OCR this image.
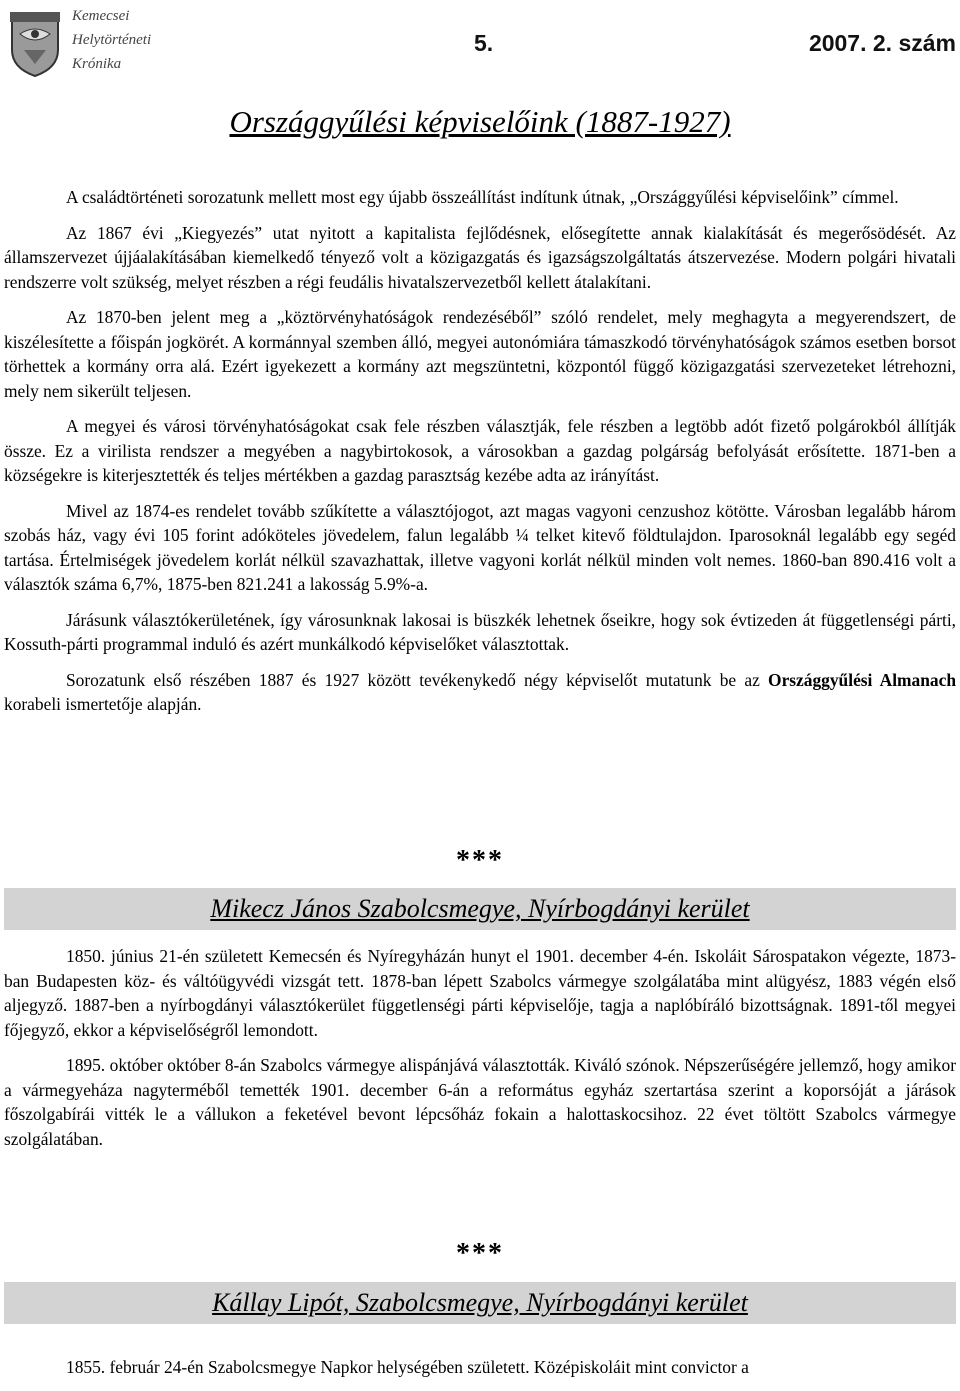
Kemecsei
Helytörténeti
Krónika
5.	2007. 2. szám
Országgyűlési képviselőink (1887-1927)

A családtörténeti sorozatunk mellett most egy újabb összeállítást indítunk útnak, „Országgyűlési képviselőink” címmel.

Az 1867 évi „Kiegyezés” utat nyitott a kapitalista fejlődésnek, elősegítette annak kialakítását és megerősödését. Az államszervezet újjáalakításában kiemelkedő tényező volt a közigazgatás és igazságszolgáltatás átszervezése. Modern polgári hivatali rendszerre volt szükség, melyet részben a régi feudális hivatalszervezetből kellett átalakítani.

Az 1870-ben jelent meg a „köztörvényhatóságok rendezéséből” szóló rendelet, mely meghagyta a megyerendszert, de kiszélesítette a főispán jogkörét. A kormánnyal szemben álló, megyei autonómiára támaszkodó törvényhatóságok számos esetben borsot törhettek a kormány orra alá. Ezért igyekezett a kormány azt megszüntetni, központól függő közigazgatási szervezeteket létrehozni, mely nem sikerült teljesen.

A megyei és városi törvényhatóságokat csak fele részben választják, fele részben a legtöbb adót fizető polgárokból állítják össze. Ez a virilista rendszer a megyében a nagybirtokosok, a városokban a gazdag polgárság befolyását erősítette. 1871-ben a községekre is kiterjesztették és teljes mértékben a gazdag parasztság kezébe adta az irányítást.

Mivel az 1874-es rendelet tovább szűkítette a választójogot, azt magas vagyoni cenzushoz kötötte. Városban legalább három szobás ház, vagy évi 105 forint adóköteles jövedelem, falun legalább ¼ telket kitevő földtulajdon. Iparosoknál legalább egy segéd tartása. Értelmiségek jövedelem korlát nélkül szavazhattak, illetve vagyoni korlát nélkül minden volt nemes. 1860-ban 890.416 volt a választók száma 6,7%, 1875-ben 821.241 a lakosság 5.9%-a.

Járásunk választókerületének, így városunknak lakosai is büszkék lehetnek őseikre, hogy sok évtizeden át függetlenségi párti, Kossuth-párti programmal induló és azért munkálkodó képviselőket választottak.

Sorozatunk első részében 1887 és 1927 között tevékenykedő négy képviselőt mutatunk be az Országgyűlési Almanach korabeli ismertetője alapján.

***
Mikecz János Szabolcsmegye, Nyírbogdányi kerület

1850. június 21-én született Kemecsén és Nyíregyházán hunyt el 1901. december 4-én. Iskoláit Sárospatakon végezte, 1873-ban Budapesten köz- és váltóügyvédi vizsgát tett. 1878-ban lépett Szabolcs vármegye szolgálatába mint alügyész, 1883 végén első aljegyző. 1887-ben a nyírbogdányi választókerület függetlenségi párti képviselője, tagja a naplóbíráló bizottságnak. 1891-től megyei főjegyző, ekkor a képviselőségről lemondott.

1895. október október 8-án Szabolcs vármegye alispánjává választották. Kiváló szónok. Népszerűségére jellemző, hogy amikor a vármegyeháza nagyterméből temették 1901. december 6-án a református egyház szertartása szerint a koporsóját a járások főszolgabírái vitték le a vállukon a feketével bevont lépcsőház fokain a halottaskocsihoz. 22 évet töltött Szabolcs vármegye szolgálatában.

***
Kállay Lipót, Szabolcsmegye, Nyírbogdányi kerület

1855. február 24-én Szabolcsmegye Napkor helységében született. Középiskoláit mint convictor a
